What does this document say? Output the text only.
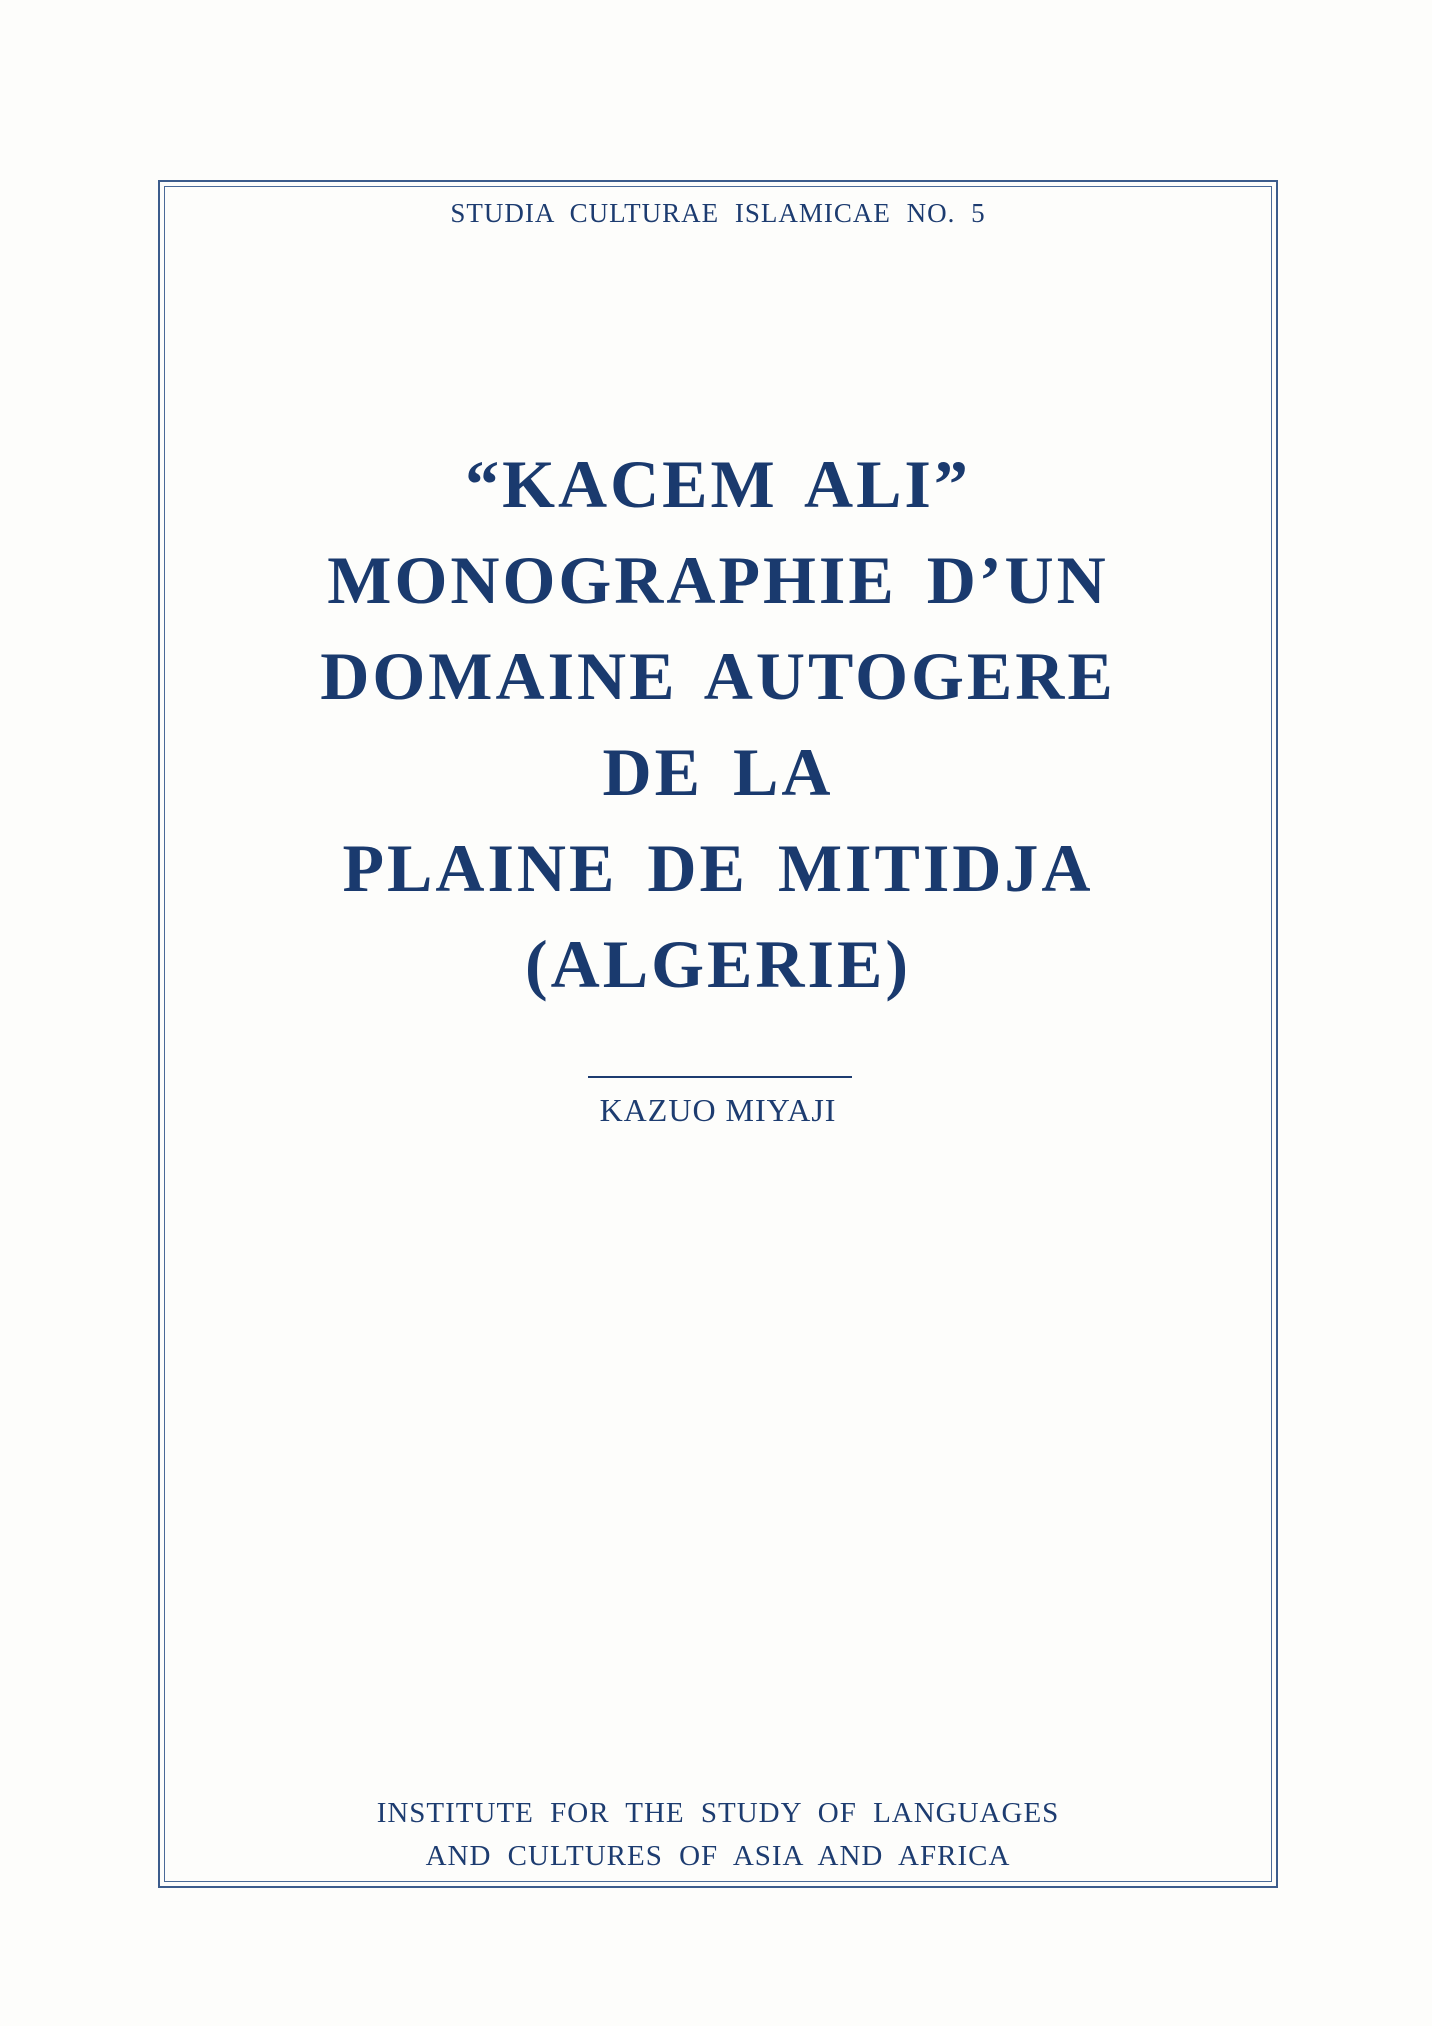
STUDIA CULTURAE ISLAMICAE NO. 5
“KACEM ALI”
MONOGRAPHIE D’UN
DOMAINE AUTOGERE
DE LA
PLAINE DE MITIDJA
(ALGERIE)
KAZUO MIYAJI
INSTITUTE FOR THE STUDY OF LANGUAGES
AND CULTURES OF ASIA AND AFRICA
